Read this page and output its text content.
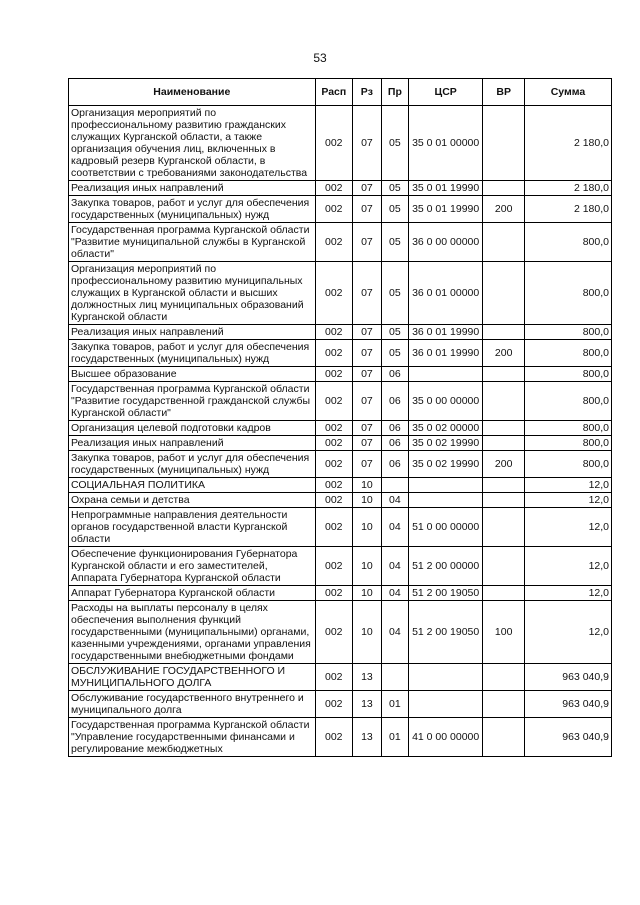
53
Наименование	Расп	Рз	Пр	ЦСР	ВР	Сумма
Организация мероприятий по профессиональному развитию гражданских служащих Курганской области, а также организация обучения лиц, включенных в кадровый резерв Курганской области, в соответствии с требованиями законодательства	002	07	05	35 0 01 00000		2 180,0
Реализация иных направлений	002	07	05	35 0 01 19990		2 180,0
Закупка товаров, работ и услуг для обеспечения государственных (муниципальных) нужд	002	07	05	35 0 01 19990	200	2 180,0
Государственная программа Курганской области "Развитие муниципальной службы в Курганской области"	002	07	05	36 0 00 00000		800,0
Организация мероприятий по профессиональному развитию муниципальных служащих в Курганской области и высших должностных лиц муниципальных образований Курганской области	002	07	05	36 0 01 00000		800,0
Реализация иных направлений	002	07	05	36 0 01 19990		800,0
Закупка товаров, работ и услуг для обеспечения государственных (муниципальных) нужд	002	07	05	36 0 01 19990	200	800,0
Высшее образование	002	07	06			800,0
Государственная программа Курганской области "Развитие государственной гражданской службы Курганской области"	002	07	06	35 0 00 00000		800,0
Организация целевой подготовки кадров	002	07	06	35 0 02 00000		800,0
Реализация иных направлений	002	07	06	35 0 02 19990		800,0
Закупка товаров, работ и услуг для обеспечения государственных (муниципальных) нужд	002	07	06	35 0 02 19990	200	800,0
СОЦИАЛЬНАЯ ПОЛИТИКА	002	10				12,0
Охрана семьи и детства	002	10	04			12,0
Непрограммные направления деятельности органов государственной власти Курганской области	002	10	04	51 0 00 00000		12,0
Обеспечение функционирования Губернатора Курганской области и его заместителей, Аппарата Губернатора Курганской области	002	10	04	51 2 00 00000		12,0
Аппарат Губернатора Курганской области	002	10	04	51 2 00 19050		12,0
Расходы на выплаты персоналу в целях обеспечения выполнения функций государственными (муниципальными) органами, казенными учреждениями, органами управления государственными внебюджетными фондами	002	10	04	51 2 00 19050	100	12,0
ОБСЛУЖИВАНИЕ ГОСУДАРСТВЕННОГО И МУНИЦИПАЛЬНОГО ДОЛГА	002	13				963 040,9
Обслуживание государственного внутреннего и муниципального долга	002	13	01			963 040,9
Государственная программа Курганской области "Управление государственными финансами и регулирование межбюджетных	002	13	01	41 0 00 00000		963 040,9
